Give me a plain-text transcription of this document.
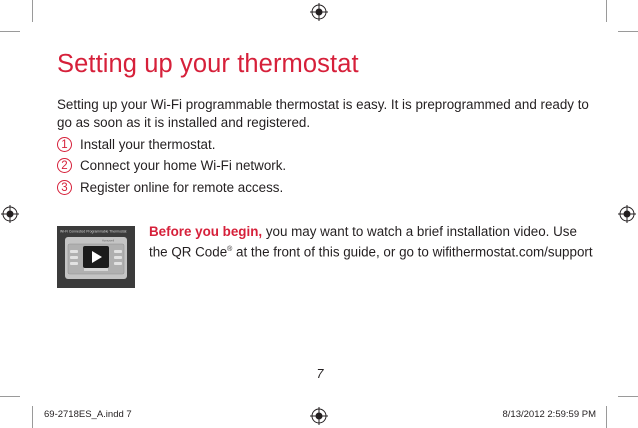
Setting up your thermostat

Setting up your Wi-Fi programmable thermostat is easy. It is preprogrammed and ready to go as soon as it is installed and registered.

1 Install your thermostat.
2 Connect your home Wi-Fi network.
3 Register online for remote access.
Wi-Fi Connected Programmable Thermostat
Honeywell

Before you begin, you may want to watch a brief installation video. Use the QR Code® at the front of this guide, or go to wifithermostat.com/support

7
69-2718ES_A.indd 7	8/13/2012 2:59:59 PM
